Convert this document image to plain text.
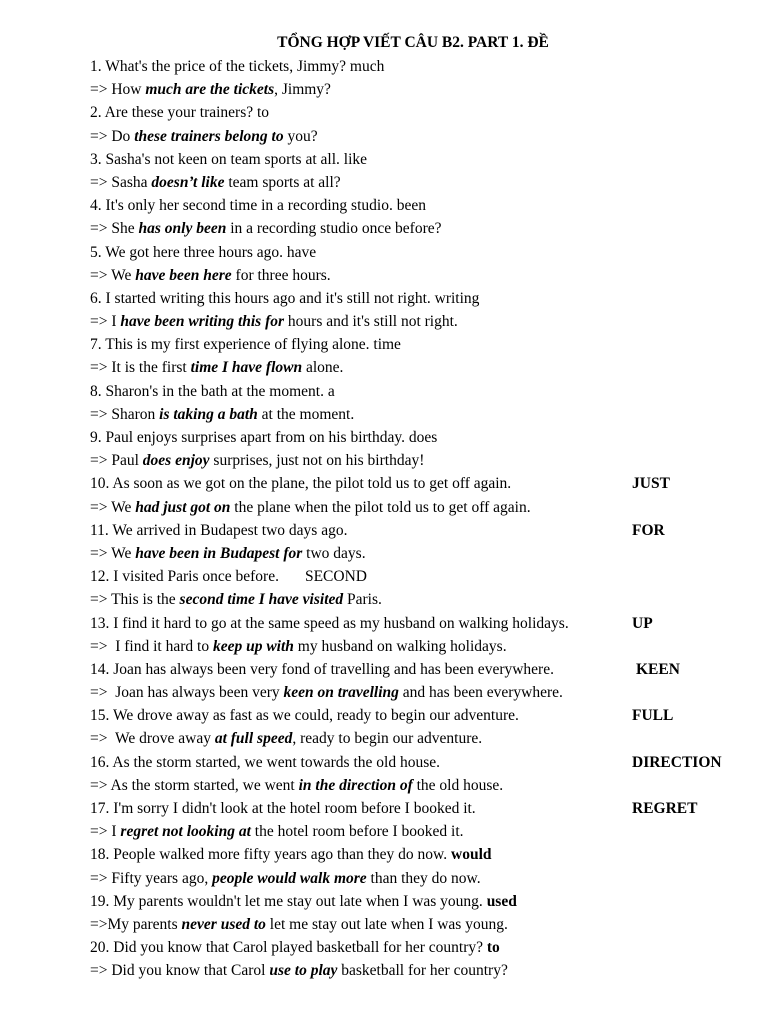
TỔNG HỢP VIẾT CÂU B2. PART 1. ĐỀ
1. What's the price of the tickets, Jimmy? much
=> How much are the tickets, Jimmy?
2. Are these your trainers? to
=> Do these trainers belong to you?
3. Sasha's not keen on team sports at all. like
=> Sasha doesn’t like team sports at all?
4. It's only her second time in a recording studio. been
=> She has only been in a recording studio once before?
5. We got here three hours ago. have
=> We have been here for three hours.
6. I started writing this hours ago and it's still not right. writing
=> I have been writing this for hours and it's still not right.
7. This is my first experience of flying alone. time
=> It is the first time I have flown alone.
8. Sharon's in the bath at the moment. a
=> Sharon is taking a bath at the moment.
9. Paul enjoys surprises apart from on his birthday. does
=> Paul does enjoy surprises, just not on his birthday!
10. As soon as we got on the plane, the pilot told us to get off again.	JUST
=> We had just got on the plane when the pilot told us to get off again.
11. We arrived in Budapest two days ago.	FOR
=> We have been in Budapest for two days.
12. I visited Paris once before. SECOND
=> This is the second time I have visited Paris.
13. I find it hard to go at the same speed as my husband on walking holidays.	UP
=>  I find it hard to keep up with my husband on walking holidays.
14. Joan has always been very fond of travelling and has been everywhere.	KEEN
=>  Joan has always been very keen on travelling and has been everywhere.
15. We drove away as fast as we could, ready to begin our adventure.	FULL
=>  We drove away at full speed, ready to begin our adventure.
16. As the storm started, we went towards the old house.	DIRECTION
=> As the storm started, we went in the direction of the old house.
17. I'm sorry I didn't look at the hotel room before I booked it.	REGRET
=> I regret not looking at the hotel room before I booked it.
18. People walked more fifty years ago than they do now. would
=> Fifty years ago, people would walk more than they do now.
19. My parents wouldn't let me stay out late when I was young. used
=>My parents never used to let me stay out late when I was young.
20. Did you know that Carol played basketball for her country? to
=> Did you know that Carol use to play basketball for her country?
